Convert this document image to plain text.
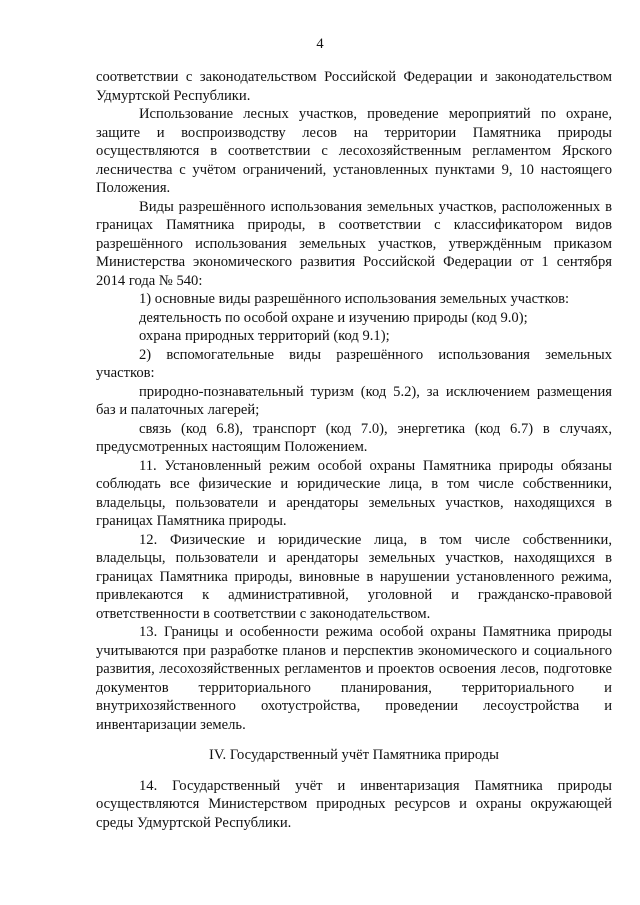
4

соответствии с законодательством Российской Федерации и законодательством Удмуртской Республики.

Использование лесных участков, проведение мероприятий по охране, защите и воспроизводству лесов на территории Памятника природы осуществляются в соответствии с лесохозяйственным регламентом Ярского лесничества с учётом ограничений, установленных пунктами 9, 10 настоящего Положения.

Виды разрешённого использования земельных участков, расположенных в границах Памятника природы, в соответствии с классификатором видов разрешённого использования земельных участков, утверждённым приказом Министерства экономического развития Российской Федерации от 1 сентября 2014 года № 540:

1) основные виды разрешённого использования земельных участков:

деятельность по особой охране и изучению природы (код 9.0);

охрана природных территорий (код 9.1);

2) вспомогательные виды разрешённого использования земельных участков:

природно-познавательный туризм (код 5.2), за исключением размещения баз и палаточных лагерей;

связь (код 6.8), транспорт (код 7.0), энергетика (код 6.7) в случаях, предусмотренных настоящим Положением.

11. Установленный режим особой охраны Памятника природы обязаны соблюдать все физические и юридические лица, в том числе собственники, владельцы, пользователи и арендаторы земельных участков, находящихся в границах Памятника природы.

12. Физические и юридические лица, в том числе собственники, владельцы, пользователи и арендаторы земельных участков, находящихся в границах Памятника природы, виновные в нарушении установленного режима, привлекаются к административной, уголовной и гражданско-правовой ответственности в соответствии с законодательством.

13. Границы и особенности режима особой охраны Памятника природы учитываются при разработке планов и перспектив экономического и социального развития, лесохозяйственных регламентов и проектов освоения лесов, подготовке документов территориального планирования, территориального и внутрихозяйственного охотустройства, проведении лесоустройства и инвентаризации земель.

IV. Государственный учёт Памятника природы

14. Государственный учёт и инвентаризация Памятника природы осуществляются Министерством природных ресурсов и охраны окружающей среды Удмуртской Республики.
